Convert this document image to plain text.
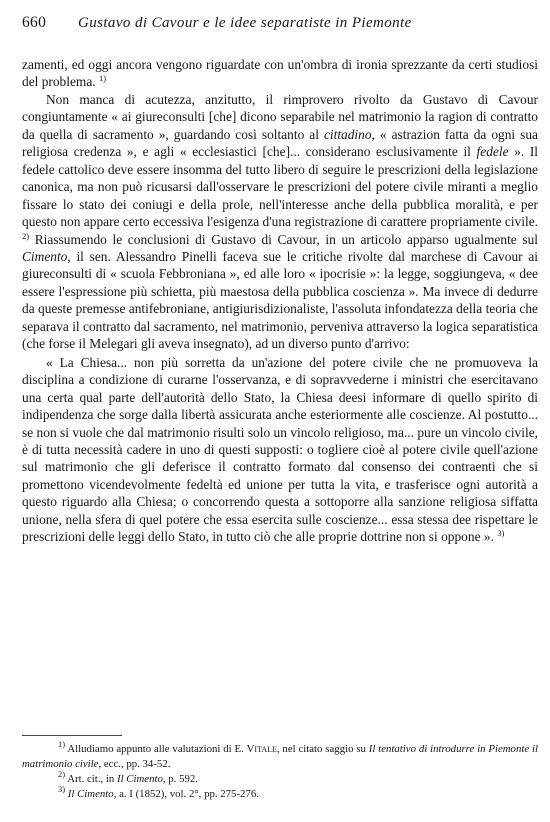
660	Gustavo di Cavour e le idee separatiste in Piemonte

zamenti, ed oggi ancora vengono riguardate con un'ombra di ironia sprezzante da certi studiosi del problema. $^{1)}$

Non manca di acutezza, anzitutto, il rimprovero rivolto da Gustavo di Cavour congiuntamente « ai giureconsulti [che] dicono separabile nel matrimonio la ragion di contratto da quella di sacramento », guardando così soltanto al cittadino, « astrazion fatta da ogni sua religiosa credenza », e agli « ecclesiastici [che]... considerano esclusivamente il fedele ». Il fedele cattolico deve essere insomma del tutto libero di seguire le prescrizioni della legislazione canonica, ma non può ricusarsi dall'osservare le prescrizioni del potere civile miranti a meglio fissare lo stato dei coniugi e della prole, nell'interesse anche della pubblica moralità, e per questo non appare certo eccessiva l'esigenza d'una registrazione di carattere propriamente civile. $^{2)}$ Riassumendo le conclusioni di Gustavo di Cavour, in un articolo apparso ugualmente sul Cimento, il sen. Alessandro Pinelli faceva sue le critiche rivolte dal marchese di Cavour ai giureconsulti di « scuola Febbroniana », ed alle loro « ipocrisie »: la legge, soggiungeva, « dee essere l'espressione più schietta, più maestosa della pubblica coscienza ». Ma invece di dedurre da queste premesse antifebroniane, antigiurisdizionaliste, l'assoluta infondatezza della teoria che separava il contratto dal sacramento, nel matrimonio, perveniva attraverso la logica separatistica (che forse il Melegari gli aveva insegnato), ad un diverso punto d'arrivo:

« La Chiesa... non più sorretta da un'azione del potere civile che ne promuoveva la disciplina a condizione di curarne l'osservanza, e di sopravvederne i ministri che esercitavano una certa qual parte dell'autorità dello Stato, la Chiesa deesi informare di quello spirito di indipendenza che sorge dalla libertà assicurata anche esteriormente alle coscienze. Al postutto... se non si vuole che dal matrimonio risulti solo un vincolo religioso, ma... pure un vincolo civile, è di tutta necessità cadere in uno di questi supposti: o togliere cioè al potere civile quell'azione sul matrimonio che gli deferisce il contratto formato dal consenso dei contraenti che si promettono vicendevolmente fedeltà ed unione per tutta la vita, e trasferisce ogni autorità a questo riguardo alla Chiesa; o concorrendo questa a sottoporre alla sanzione religiosa siffatta unione, nella sfera di quel potere che essa esercita sulle coscienze... essa stessa dee rispettare le prescrizioni delle leggi dello Stato, in tutto ciò che alle proprie dottrine non si oppone ». $^{3)}$

$^{1)}$ Alludiamo appunto alle valutazioni di E. Vitale, nel citato saggio su Il tentativo di introdurre in Piemonte il matrimonio civile, ecc., pp. 34-52.

$^{2)}$ Art. cit., in Il Cimento, p. 592.

$^{3)}$ Il Cimento, a. I (1852), vol. 2°, pp. 275-276.
